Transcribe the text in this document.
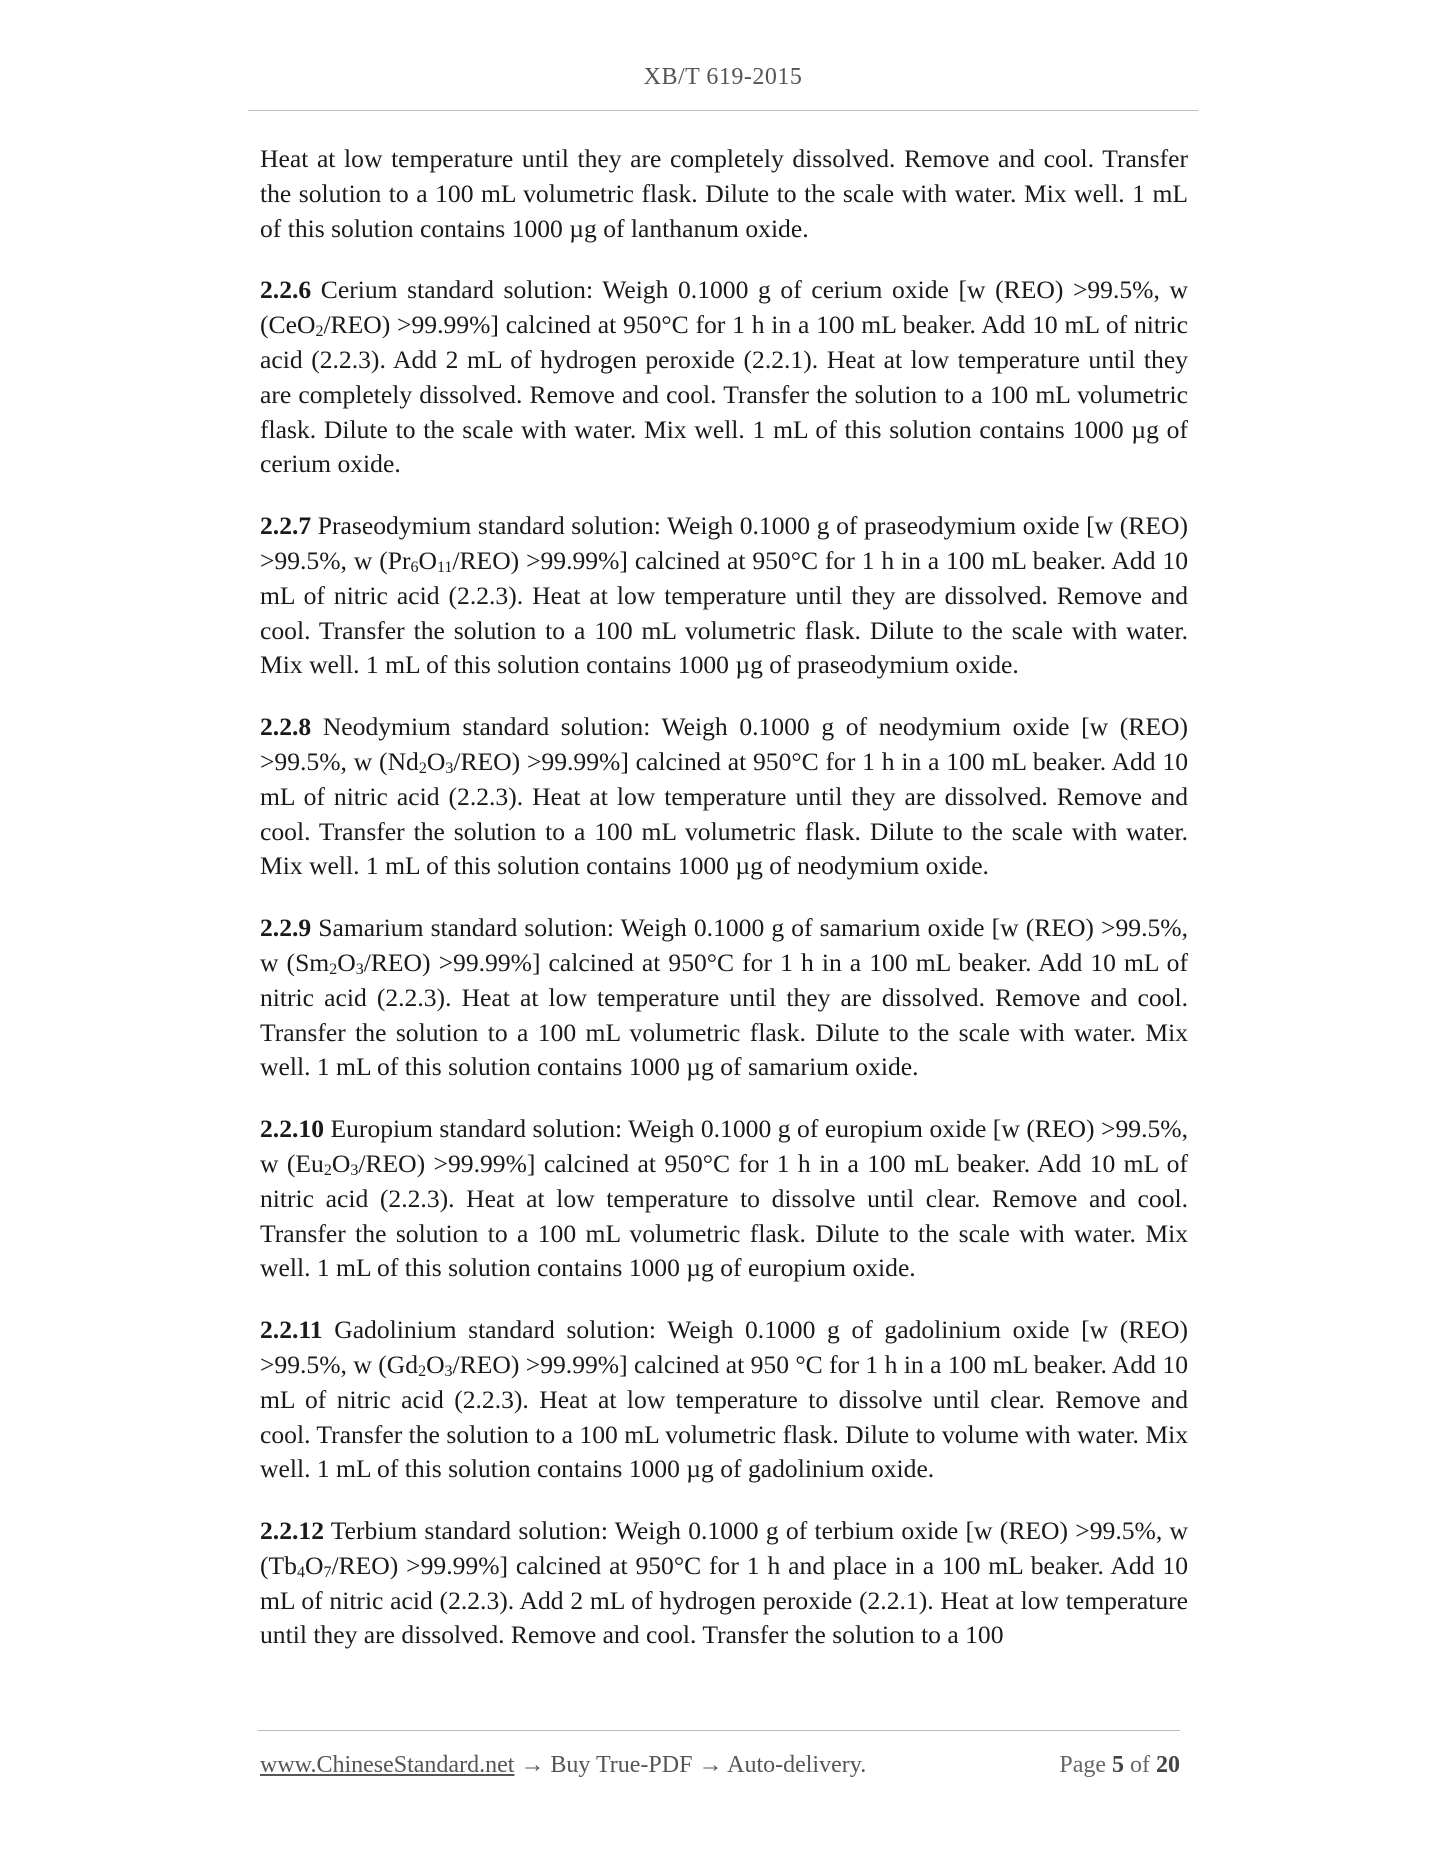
XB/T 619-2015

Heat at low temperature until they are completely dissolved. Remove and cool. Transfer the solution to a 100 mL volumetric flask. Dilute to the scale with water. Mix well. 1 mL of this solution contains 1000 µg of lanthanum oxide.

2.2.6 Cerium standard solution: Weigh 0.1000 g of cerium oxide [w (REO) >99.5%, w (CeO$_2$/REO) >99.99%] calcined at 950°C for 1 h in a 100 mL beaker. Add 10 mL of nitric acid (2.2.3). Add 2 mL of hydrogen peroxide (2.2.1). Heat at low temperature until they are completely dissolved. Remove and cool. Transfer the solution to a 100 mL volumetric flask. Dilute to the scale with water. Mix well. 1 mL of this solution contains 1000 µg of cerium oxide.

2.2.7 Praseodymium standard solution: Weigh 0.1000 g of praseodymium oxide [w (REO) >99.5%, w $(Pr_6O_{11}/REO) >99.99\%$] calcined at 950°C for 1 h in a 100 mL beaker. Add 10 mL of nitric acid (2.2.3). Heat at low temperature until they are dissolved. Remove and cool. Transfer the solution to a 100 mL volumetric flask. Dilute to the scale with water. Mix well. 1 mL of this solution contains 1000 µg of praseodymium oxide.

2.2.8 Neodymium standard solution: Weigh 0.1000 g of neodymium oxide [w (REO) >99.5%, w $(Nd_2O_3/REO) >99.99\%$] calcined at 950°C for 1 h in a 100 mL beaker. Add 10 mL of nitric acid (2.2.3). Heat at low temperature until they are dissolved. Remove and cool. Transfer the solution to a 100 mL volumetric flask. Dilute to the scale with water. Mix well. 1 mL of this solution contains 1000 µg of neodymium oxide.

2.2.9 Samarium standard solution: Weigh 0.1000 g of samarium oxide [w (REO) >99.5%, w $(Sm_2O_3/REO) >99.99\%$] calcined at 950°C for 1 h in a 100 mL beaker. Add 10 mL of nitric acid (2.2.3). Heat at low temperature until they are dissolved. Remove and cool. Transfer the solution to a 100 mL volumetric flask. Dilute to the scale with water. Mix well. 1 mL of this solution contains 1000 µg of samarium oxide.

2.2.10 Europium standard solution: Weigh 0.1000 g of europium oxide [w (REO) >99.5%, w $(Eu_2O_3/REO) >99.99\%$] calcined at 950°C for 1 h in a 100 mL beaker. Add 10 mL of nitric acid (2.2.3). Heat at low temperature to dissolve until clear. Remove and cool. Transfer the solution to a 100 mL volumetric flask. Dilute to the scale with water. Mix well. 1 mL of this solution contains 1000 µg of europium oxide.

2.2.11 Gadolinium standard solution: Weigh 0.1000 g of gadolinium oxide [w (REO) >99.5%, w $(Gd_2O_3/REO) >99.99\%$] calcined at 950 °C for 1 h in a 100 mL beaker. Add 10 mL of nitric acid (2.2.3). Heat at low temperature to dissolve until clear. Remove and cool. Transfer the solution to a 100 mL volumetric flask. Dilute to volume with water. Mix well. 1 mL of this solution contains 1000 µg of gadolinium oxide.

2.2.12 Terbium standard solution: Weigh 0.1000 g of terbium oxide [w (REO) >99.5%, w $(Tb_4O_7/REO) >99.99\%$] calcined at 950°C for 1 h and place in a 100 mL beaker. Add 10 mL of nitric acid (2.2.3). Add 2 mL of hydrogen peroxide (2.2.1). Heat at low temperature until they are dissolved. Remove and cool. Transfer the solution to a 100

www.ChineseStandard.net → Buy True-PDF → Auto-delivery.	Page 5 of 20
